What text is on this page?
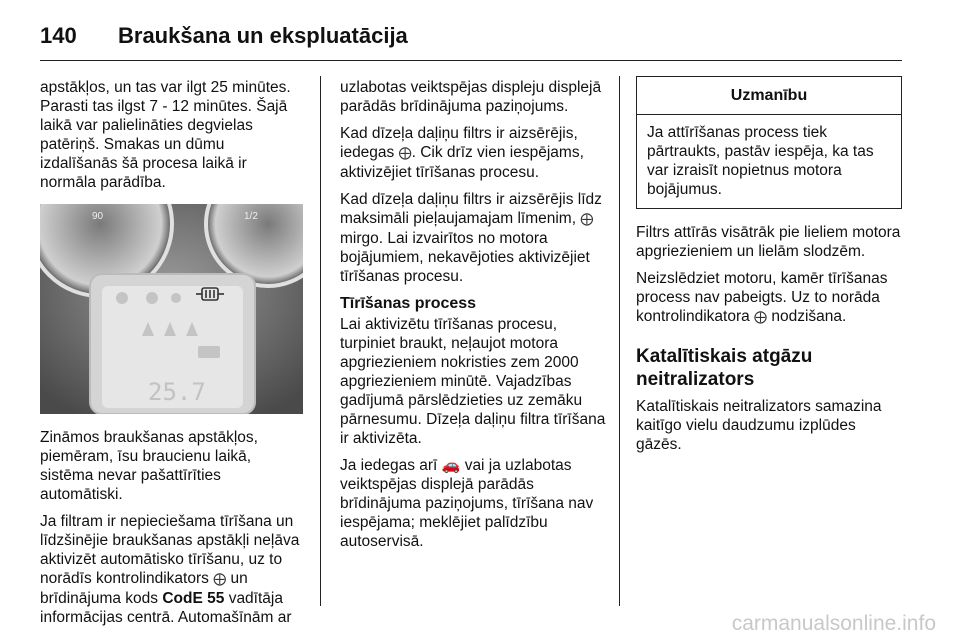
140	Braukšana un ekspluatācija

apstākļos, un tas var ilgt 25 minūtes. Parasti tas ilgst 7 - 12 minūtes. Šajā laikā var palielināties degvielas patēriņš. Smakas un dūmu izdalīšanās šā procesa laikā ir normāla parādība.

90	1/2
25.7

Zināmos braukšanas apstākļos, piemēram, īsu braucienu laikā, sistēma nevar pašattīrīties automātiski.

Ja filtram ir nepieciešama tīrīšana un līdzšinējie braukšanas apstākļi neļāva aktivizēt automātisko tīrīšanu, uz to norādīs kontrolindikators ⨁ un brīdinājuma kods CodE 55 vadītāja informācijas centrā. Automašīnām ar

uzlabotas veiktspējas displeju displejā parādās brīdinājuma paziņojums.

Kad dīzeļa daļiņu filtrs ir aizsērējis, iedegas ⨁. Cik drīz vien iespējams, aktivizējiet tīrīšanas procesu.

Kad dīzeļa daļiņu filtrs ir aizsērējis līdz maksimāli pieļaujamajam līmenim, ⨁ mirgo. Lai izvairītos no motora bojājumiem, nekavējoties aktivizējiet tīrīšanas procesu.

Tīrīšanas process

Lai aktivizētu tīrīšanas procesu, turpiniet braukt, neļaujot motora apgriezieniem nokristies zem 2000 apgriezieniem minūtē. Vajadzības gadījumā pārslēdzieties uz zemāku pārnesumu. Dīzeļa daļiņu filtra tīrīšana ir aktivizēta.

Ja iedegas arī 🚗 vai ja uzlabotas veiktspējas displejā parādās brīdinājuma paziņojums, tīrīšana nav iespējama; meklējiet palīdzību autoservisā.

Uzmanību
Ja attīrīšanas process tiek pārtraukts, pastāv iespēja, ka tas var izraisīt nopietnus motora bojājumus.

Filtrs attīrās visātrāk pie lieliem motora apgriezieniem un lielām slodzēm.

Neizslēdziet motoru, kamēr tīrīšanas process nav pabeigts. Uz to norāda kontrolindikatora ⨁ nodzišana.

Katalītiskais atgāzu neitralizators

Katalītiskais neitralizators samazina kaitīgo vielu daudzumu izplūdes gāzēs.

carmanualsonline.info
